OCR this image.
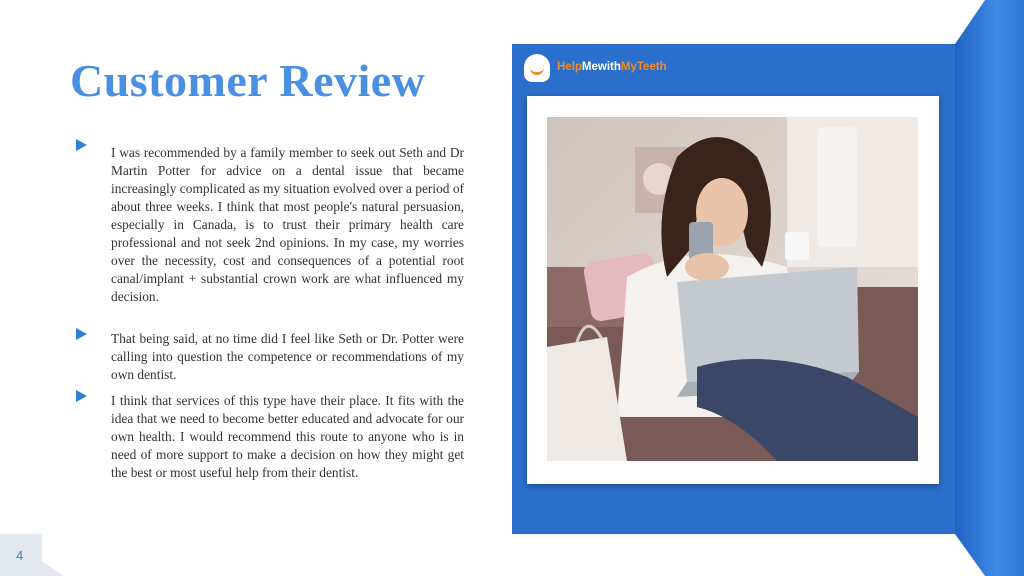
Customer Review
I was recommended by a family member to seek out Seth and Dr Martin Potter for advice on a dental issue that became increasingly complicated as my situation evolved over a period of about three weeks. I think that most people's natural persuasion, especially in Canada, is to trust their primary health care professional and not seek 2nd opinions. In my case, my worries over the necessity, cost and consequences of a potential root canal/implant + substantial crown work are what influenced my decision.
That being said, at no time did I feel like Seth or Dr. Potter were calling into question the competence or recommendations of my own dentist.
I think that services of this type have their place. It fits with the idea that we need to become better educated and advocate for our own health. I would recommend this route to anyone who is in need of more support to make a decision on how they might get the best or most useful help from their dentist.
HelpMewithMyTeeth
4
